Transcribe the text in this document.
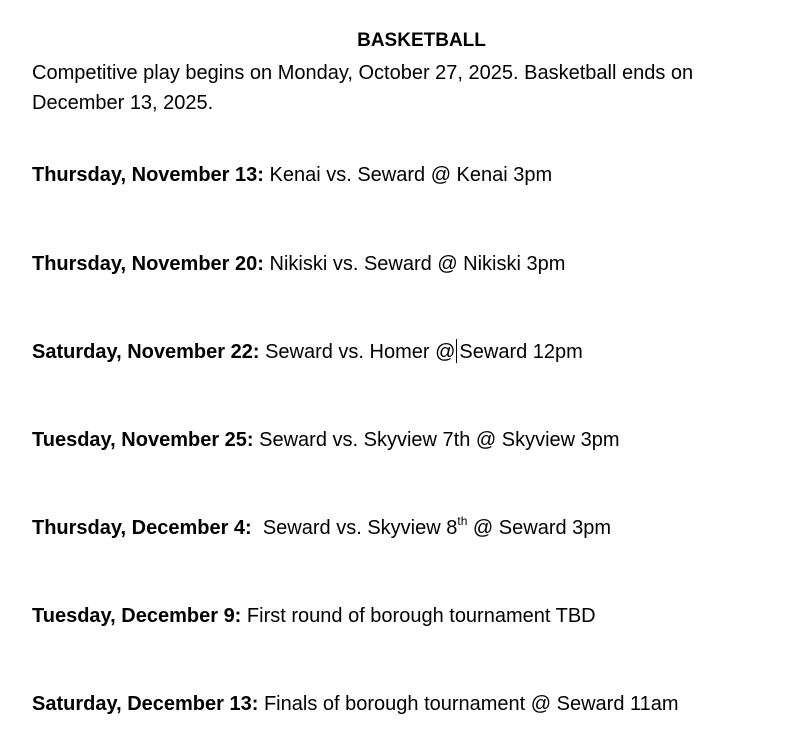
BASKETBALL
Competitive play begins on Monday, October 27, 2025. Basketball ends on
December 13, 2025.
Thursday, November 13: Kenai vs. Seward @ Kenai 3pm
Thursday, November 20: Nikiski vs. Seward @ Nikiski 3pm
Saturday, November 22: Seward vs. Homer @ Seward 12pm
Tuesday, November 25: Seward vs. Skyview 7th @ Skyview 3pm
Thursday, December 4: Seward vs. Skyview 8th @ Seward 3pm
Tuesday, December 9: First round of borough tournament TBD
Saturday, December 13: Finals of borough tournament @ Seward 11am
